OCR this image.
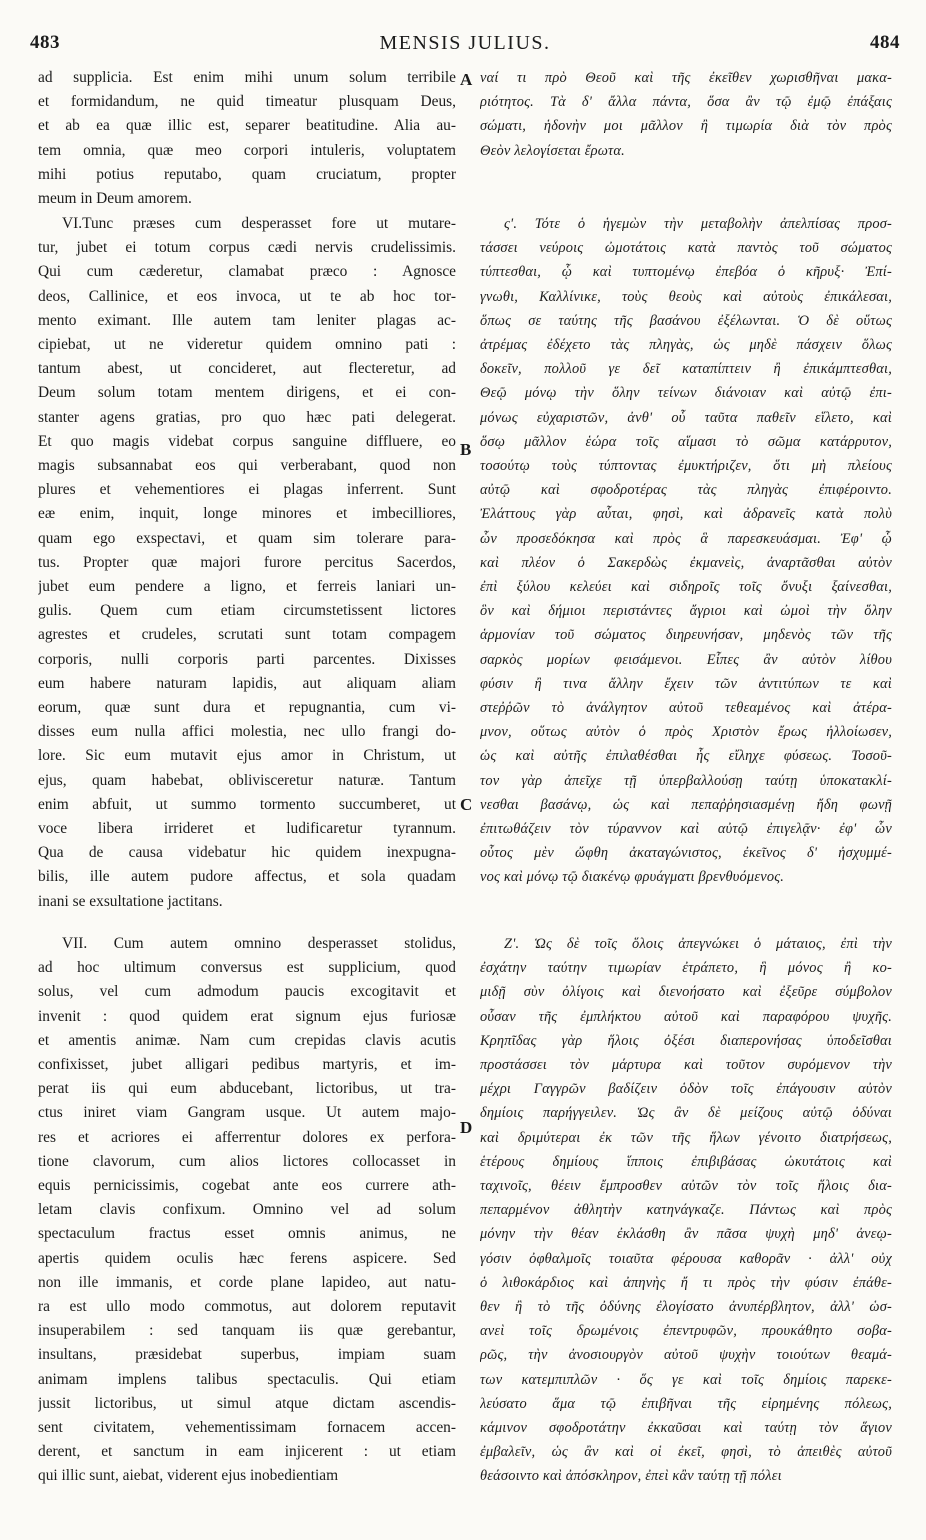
483	MENSIS JULIUS.	484
ad supplicia. Est enim mihi unum solum terribile
et formidandum, ne quid timeatur plusquam Deus,
et ab ea quæ illic est, separer beatitudine. Alia au-
tem omnia, quæ meo corpori intuleris, voluptatem
mihi potius reputabo, quam cruciatum, propter
meum in Deum amorem.
VI.Tunc præses cum desperasset fore ut mutare-
tur, jubet ei totum corpus cædi nervis crudelissimis.
Qui cum cæderetur, clamabat præco : Agnosce
deos, Callinice, et eos invoca, ut te ab hoc tor-
mento eximant. Ille autem tam leniter plagas ac-
cipiebat, ut ne videretur quidem omnino pati :
tantum abest, ut concideret, aut flecteretur, ad
Deum solum totam mentem dirigens, et ei con-
stanter agens gratias, pro quo hæc pati delegerat.
Et quo magis videbat corpus sanguine diffluere, eo
magis subsannabat eos qui verberabant, quod non
plures et vehementiores ei plagas inferrent. Sunt
eæ enim, inquit, longe minores et imbecilliores,
quam ego exspectavi, et quam sim tolerare para-
tus. Propter quæ majori furore percitus Sacerdos,
jubet eum pendere a ligno, et ferreis laniari un-
gulis. Quem cum etiam circumstetissent lictores
agrestes et crudeles, scrutati sunt totam compagem
corporis, nulli corporis parti parcentes. Dixisses
eum habere naturam lapidis, aut aliquam aliam
eorum, quæ sunt dura et repugnantia, cum vi-
disses eum nulla affici molestia, nec ullo frangi do-
lore. Sic eum mutavit ejus amor in Christum, ut
ejus, quam habebat, oblivisceretur naturæ. Tantum
enim abfuit, ut summo tormento succumberet, ut
voce libera irrideret et ludificaretur tyrannum.
Qua de causa videbatur hic quidem inexpugna-
bilis, ille autem pudore affectus, et sola quadam
inani se exsultatione jactitans.
VII. Cum autem omnino desperasset stolidus,
ad hoc ultimum conversus est supplicium, quod
solus, vel cum admodum paucis excogitavit et
invenit : quod quidem erat signum ejus furiosæ
et amentis animæ. Nam cum crepidas clavis acutis
confixisset, jubet alligari pedibus martyris, et im-
perat iis qui eum abducebant, lictoribus, ut tra-
ctus iniret viam Gangram usque. Ut autem majo-
res et acriores ei afferrentur dolores ex perfora-
tione clavorum, cum alios lictores collocasset in
equis pernicissimis, cogebat ante eos currere ath-
letam clavis confixum. Omnino vel ad solum
spectaculum fractus esset omnis animus, ne
apertis quidem oculis hæc ferens aspicere. Sed
non ille immanis, et corde plane lapideo, aut natu-
ra est ullo modo commotus, aut dolorem reputavit
insuperabilem : sed tanquam iis quæ gerebantur,
insultans, præsidebat superbus, impiam suam
animam implens talibus spectaculis. Qui etiam
jussit lictoribus, ut simul atque dictam ascendis-
sent civitatem, vehementissimam fornacem accen-
derent, et sanctum in eam injicerent : ut etiam
qui illic sunt, aiebat, viderent ejus inobedientiam
ναί τι πρὸ Θεοῦ καὶ τῆς ἐκεῖθεν χωρισθῆναι μακα-
ριότητος. Τὰ δ' ἄλλα πάντα, ὅσα ἂν τῷ ἐμῷ ἐπάξαις
σώματι, ἡδονὴν μοι μᾶλλον ἢ τιμωρία διὰ τὸν πρὸς
Θεὸν λελογίσεται ἔρωτα.
ς'. Τότε ὁ ἡγεμὼν τὴν μεταβολὴν ἀπελπίσας προσ-
τάσσει νεύροις ὠμοτάτοις κατὰ παντὸς τοῦ σώματος
τύπτεσθαι, ᾧ καὶ τυπτομένῳ ἐπεβόα ὁ κῆρυξ· Ἐπί-
γνωθι, Καλλίνικε, τοὺς θεοὺς καὶ αὐτοὺς ἐπικάλεσαι,
ὅπως σε ταύτης τῆς βασάνου ἐξέλωνται. Ὁ δὲ οὕτως
ἀτρέμας ἐδέχετο τὰς πληγὰς, ὡς μηδὲ πάσχειν ὅλως
δοκεῖν, πολλοῦ γε δεῖ καταπίπτειν ἢ ἐπικάμπτεσθαι,
Θεῷ μόνῳ τὴν ὅλην τείνων διάνοιαν καὶ αὐτῷ ἐπι-
μόνως εὐχαριστῶν, ἀνθ' οὗ ταῦτα παθεῖν εἵλετο, καὶ
ὅσῳ μᾶλλον ἑώρα τοῖς αἵμασι τὸ σῶμα κατάρρυτον,
τοσούτῳ τοὺς τύπτοντας ἐμυκτήριζεν, ὅτι μὴ πλείους
αὐτῷ καὶ σφοδροτέρας τὰς πληγὰς ἐπιφέροιντο.
Ἐλάττους γὰρ αὗται, φησὶ, καὶ ἀδρανεῖς κατὰ πολὺ
ὧν προσεδόκησα καὶ πρὸς ἃ παρεσκευάσμαι. Ἐφ' ᾧ
καὶ πλέον ὁ Σακερδὼς ἐκμανεὶς, ἀναρτᾶσθαι αὐτὸν
ἐπὶ ξύλου κελεύει καὶ σιδηροῖς τοῖς ὄνυξι ξαίνεσθαι,
ὃν καὶ δήμιοι περιστάντες ἄγριοι καὶ ὠμοὶ τὴν ὅλην
ἁρμονίαν τοῦ σώματος διηρευνήσαν, μηδενὸς τῶν τῆς
σαρκὸς μορίων φεισάμενοι. Εἶπες ἂν αὐτὸν λίθου
φύσιν ἢ τινα ἄλλην ἔχειν τῶν ἀντιτύπων τε καὶ
στεῤῥῶν τὸ ἀνάλγητον αὐτοῦ τεθεαμένος καὶ ἀτέρα-
μνον, οὕτως αὐτὸν ὁ πρὸς Χριστὸν ἔρως ἠλλοίωσεν,
ὡς καὶ αὐτῆς ἐπιλαθέσθαι ἧς εἴληχε φύσεως. Τοσοῦ-
τον γὰρ ἀπεῖχε τῇ ὑπερβαλλούσῃ ταύτῃ ὑποκατακλί-
νεσθαι βασάνῳ, ὡς καὶ πεπαῤῥησιασμένῃ ἤδη φωνῇ
ἐπιτωθάζειν τὸν τύραννον καὶ αὐτῷ ἐπιγελᾷν· ἐφ' ὧν
οὗτος μὲν ὤφθη ἀκαταγώνιστος, ἐκεῖνος δ' ἠσχυμμέ-
νος καὶ μόνῳ τῷ διακένῳ φρυάγματι βρενθυόμενος.
Ζ'. Ὡς δὲ τοῖς ὅλοις ἀπεγνώκει ὁ μάταιος, ἐπὶ τὴν
ἐσχάτην ταύτην τιμωρίαν ἐτράπετο, ἣ μόνος ἢ κο-
μιδῇ σὺν ὀλίγοις καὶ διενοήσατο καὶ ἐξεῦρε σύμβολον
οὖσαν τῆς ἐμπλήκτου αὐτοῦ καὶ παραφόρου ψυχῆς.
Κρηπῖδας γὰρ ἥλοις ὀξέσι διαπερονήσας ὑποδεῖσθαι
προστάσσει τὸν μάρτυρα καὶ τοῦτον συρόμενον τὴν
μέχρι Γαγγρῶν βαδίζειν ὁδὸν τοῖς ἐπάγουσιν αὐτὸν
δημίοις παρήγγειλεν. Ὡς ἂν δὲ μείζους αὐτῷ ὀδύναι
καὶ δριμύτεραι ἐκ τῶν τῆς ἥλων γένοιτο διατρήσεως,
ἑτέρους δημίους ἵπποις ἐπιβιβάσας ὠκυτάτοις καὶ
ταχινοῖς, θέειν ἔμπροσθεν αὐτῶν τὸν τοῖς ἥλοις δια-
πεπαρμένον ἀθλητὴν κατηνάγκαζε. Πάντως καὶ πρὸς
μόνην τὴν θέαν ἐκλάσθη ἂν πᾶσα ψυχὴ μηδ' ἀνεῳ-
γόσιν ὀφθαλμοῖς τοιαῦτα φέρουσα καθορᾶν · ἀλλ' οὐχ
ὁ λιθοκάρδιος καὶ ἀπηνὴς ἤ τι πρὸς τὴν φύσιν ἐπάθε-
θεν ἢ τὸ τῆς ὀδύνης ἐλογίσατο ἀνυπέρβλητον, ἀλλ' ὡσ-
ανεὶ τοῖς δρωμένοις ἐπεντρυφῶν, προυκάθητο σοβα-
ρῶς, τὴν ἀνοσιουργὸν αὐτοῦ ψυχὴν τοιούτων θεαμά-
των κατεμπιπλῶν · ὅς γε καὶ τοῖς δημίοις παρεκε-
λεύσατο ἅμα τῷ ἐπιβῆναι τῆς εἰρημένης πόλεως,
κάμινον σφοδροτάτην ἐκκαῦσαι καὶ ταύτῃ τὸν ἅγιον
ἐμβαλεῖν, ὡς ἂν καὶ οἱ ἐκεῖ, φησὶ, τὸ ἀπειθὲς αὐτοῦ
θεάσοιντο καὶ ἀπόσκληρον, ἐπεὶ κἂν ταύτῃ τῇ πόλει
A
B
C
D
